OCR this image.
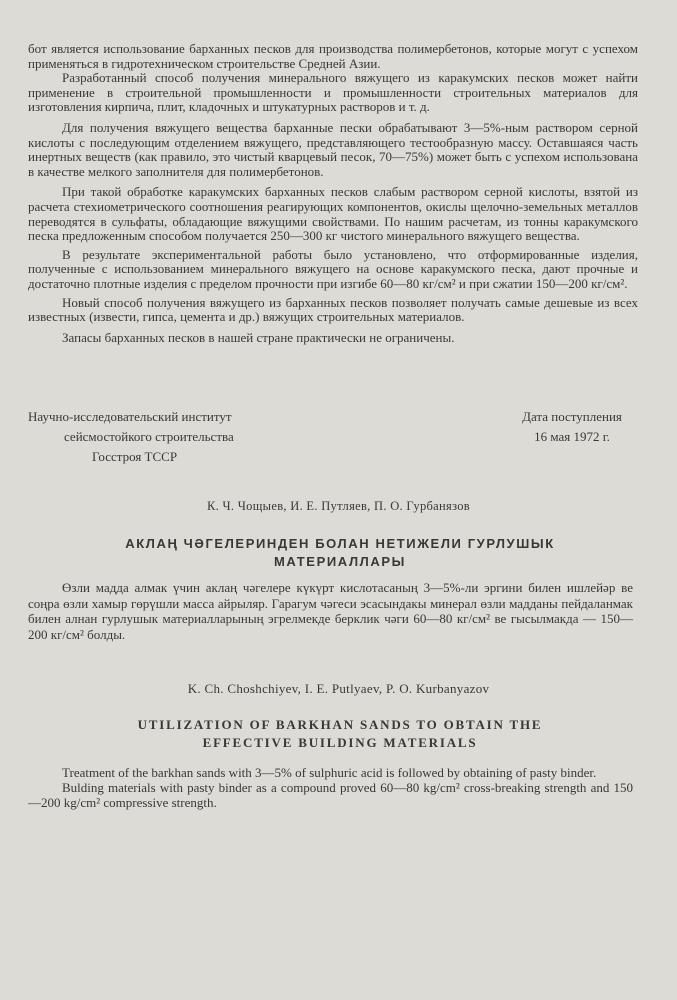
бот является использование барханных песков для производства полимербетонов, которые могут с успехом применяться в гидротехническом строительстве Средней Азии.

Разработанный способ получения минерального вяжущего из каракумских песков может найти применение в строительной промышленности и промышленности строительных материалов для изготовления кирпича, плит, кладочных и штукатурных растворов и т. д.

Для получения вяжущего вещества барханные пески обрабатывают 3—5%-ным раствором серной кислоты с последующим отделением вяжущего, представляющего тестообразную массу. Оставшаяся часть инертных веществ (как правило, это чистый кварцевый песок, 70—75%) может быть с успехом использована в качестве мелкого заполнителя для полимербетонов.

При такой обработке каракумских барханных песков слабым раствором серной кислоты, взятой из расчета стехиометрического соотношения реагирующих компонентов, окислы щелочно-земельных металлов переводятся в сульфаты, обладающие вяжущими свойствами. По нашим расчетам, из тонны каракумского песка предложенным способом получается 250—300 кг чистого минерального вяжущего вещества.

В результате экспериментальной работы было установлено, что отформированные изделия, полученные с использованием минерального вяжущего на основе каракумского песка, дают прочные и достаточно плотные изделия с пределом прочности при изгибе 60—80 кг/см² и при сжатии 150—200 кг/см².

Новый способ получения вяжущего из барханных песков позволяет получать самые дешевые из всех известных (извести, гипса, цемента и др.) вяжущих строительных материалов.

Запасы барханных песков в нашей стране практически не ограничены.

Научно-исследовательский институт
сейсмостойкого строительства
Госстроя ТССР
Дата поступления
16 мая 1972 г.
К. Ч. Чощыев, И. Е. Путляев, П. О. Гурбанязов
АКЛАҢ ЧӘГЕЛЕРИНДЕН БОЛАН НЕТИЖЕЛИ ГУРЛУШЫК
МАТЕРИАЛЛАРЫ

Өзли мадда алмак үчин аклаң чәгелере күкүрт кислотасаның 3—5%-ли эргини билен ишлейәр ве соңра өзли хамыр гөрүшли масса айрыляр. Гарагум чәгеси эсасындакы минерал өзли мадданы пейдаланмак билен алнан гурлушык материалларының эгрелмекде берклик чәги 60—80 кг/см² ве гысылмакда — 150—200 кг/см² болды.

K. Ch. Choshchiyev, I. E. Putlyaev, P. O. Kurbanyazov
UTILIZATION OF BARKHAN SANDS TO OBTAIN THE
EFFECTIVE BUILDING MATERIALS

Treatment of the barkhan sands with 3—5% of sulphuric acid is followed by obtaining of pasty binder.

Bulding materials with pasty binder as a compound proved 60—80 kg/cm² cross-breaking strength and 150—200 kg/cm² compressive strength.
